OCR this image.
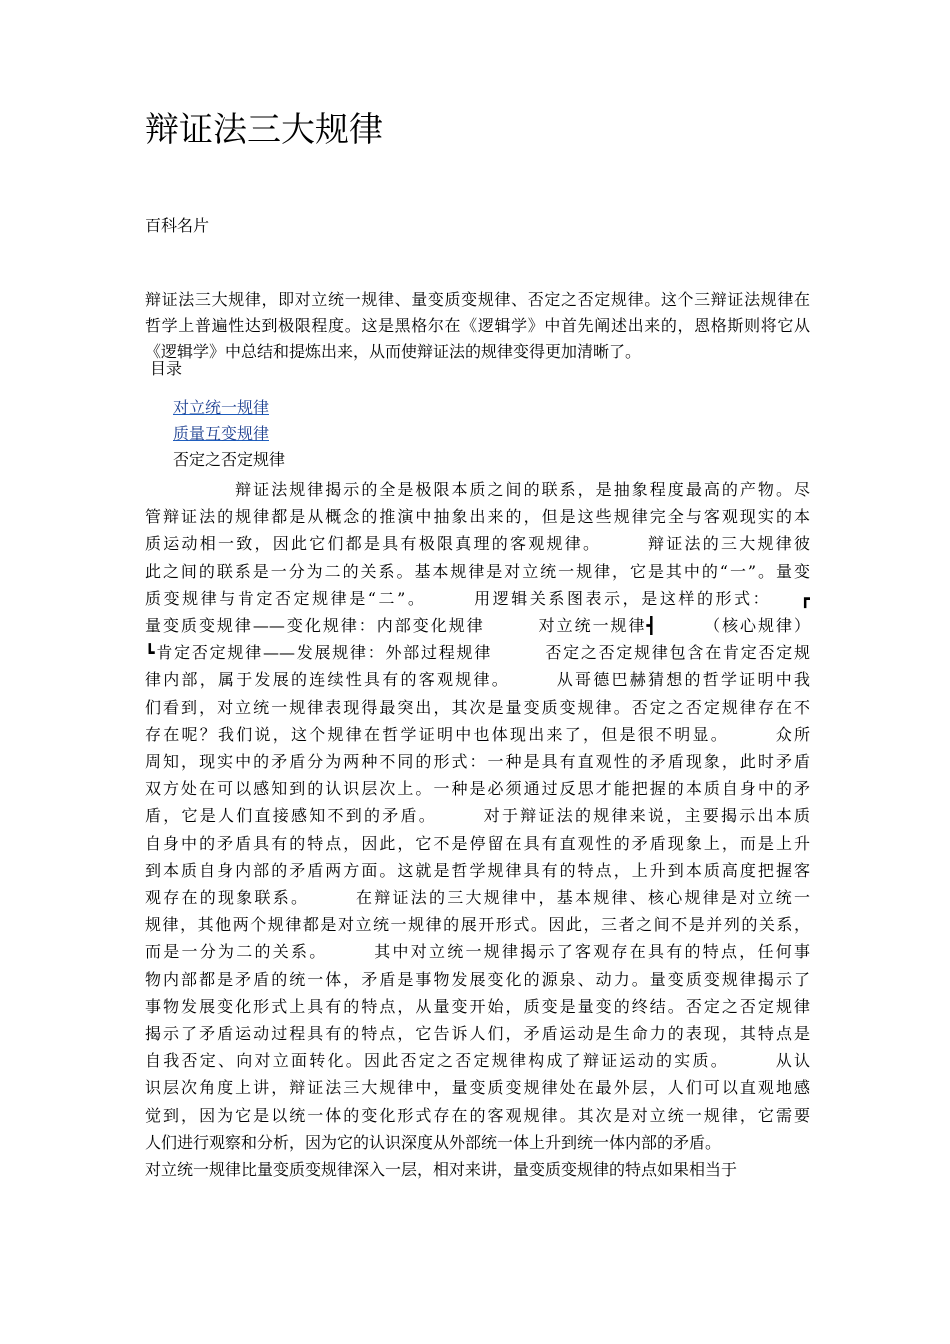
辩证法三大规律
百科名片
辩证法三大规律，即对立统一规律、量变质变规律、否定之否定规律。这个三辩证法规律在
哲学上普遍性达到极限程度。这是黑格尔在《逻辑学》中首先阐述出来的，恩格斯则将它从
《逻辑学》中总结和提炼出来，从而使辩证法的规律变得更加清晰了。
目录
对立统一规律
质量互变规律
否定之否定规律
　　　　　辩证法规律揭示的全是极限本质之间的联系，是抽象程度最高的产物。尽
管辩证法的规律都是从概念的推演中抽象出来的，但是这些规律完全与客观现实的本
质运动相一致，因此它们都是具有极限真理的客观规律。　　　辩证法的三大规律彼
此之间的联系是一分为二的关系。基本规律是对立统一规律，它是其中的“一”。量变
质变规律与肯定否定规律是“二”。　　　用逻辑关系图表示，是这样的形式：　　┏
量变质变规律——变化规律：内部变化规律　　　对立统一规律┫　　　（核心规律）
┗肯定否定规律——发展规律：外部过程规律　　　否定之否定规律包含在肯定否定规
律内部，属于发展的连续性具有的客观规律。　　　从哥德巴赫猜想的哲学证明中我
们看到，对立统一规律表现得最突出，其次是量变质变规律。否定之否定规律存在不
存在呢？我们说，这个规律在哲学证明中也体现出来了，但是很不明显。　　　众所
周知，现实中的矛盾分为两种不同的形式：一种是具有直观性的矛盾现象，此时矛盾
双方处在可以感知到的认识层次上。一种是必须通过反思才能把握的本质自身中的矛
盾，它是人们直接感知不到的矛盾。　　　对于辩证法的规律来说，主要揭示出本质
自身中的矛盾具有的特点，因此，它不是停留在具有直观性的矛盾现象上，而是上升
到本质自身内部的矛盾两方面。这就是哲学规律具有的特点，上升到本质高度把握客
观存在的现象联系。　　　在辩证法的三大规律中，基本规律、核心规律是对立统一
规律，其他两个规律都是对立统一规律的展开形式。因此，三者之间不是并列的关系，
而是一分为二的关系。　　　其中对立统一规律揭示了客观存在具有的特点，任何事
物内部都是矛盾的统一体，矛盾是事物发展变化的源泉、动力。量变质变规律揭示了
事物发展变化形式上具有的特点，从量变开始，质变是量变的终结。否定之否定规律
揭示了矛盾运动过程具有的特点，它告诉人们，矛盾运动是生命力的表现，其特点是
自我否定、向对立面转化。因此否定之否定规律构成了辩证运动的实质。　　　从认
识层次角度上讲，辩证法三大规律中，量变质变规律处在最外层，人们可以直观地感
觉到，因为它是以统一体的变化形式存在的客观规律。其次是对立统一规律，它需要
人们进行观察和分析，因为它的认识深度从外部统一体上升到统一体内部的矛盾。
对立统一规律比量变质变规律深入一层，相对来讲，量变质变规律的特点如果相当于
